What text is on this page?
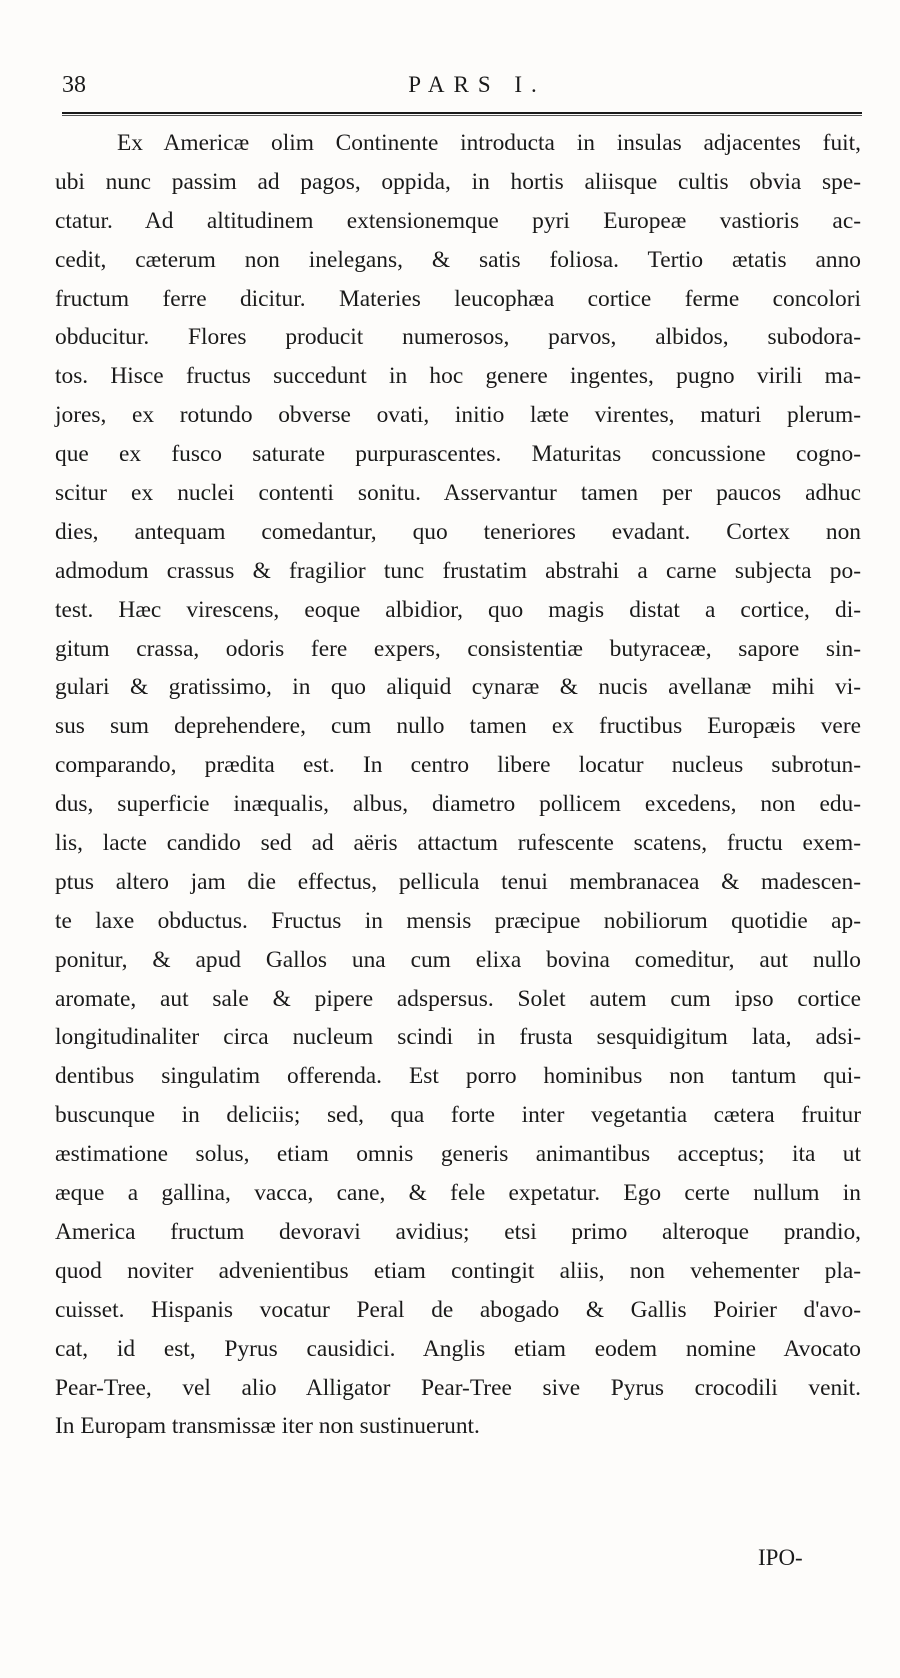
38	PARS I.
Ex Americæ olim Continente introducta in insulas adjacentes fuit,
ubi nunc passim ad pagos, oppida, in hortis aliisque cultis obvia spe-
ctatur. Ad altitudinem extensionemque pyri Europeæ vastioris ac-
cedit, cæterum non inelegans, & satis foliosa. Tertio ætatis anno
fructum ferre dicitur. Materies leucophæa cortice ferme concolori
obducitur. Flores producit numerosos, parvos, albidos, subodora-
tos. Hisce fructus succedunt in hoc genere ingentes, pugno virili ma-
jores, ex rotundo obverse ovati, initio læte virentes, maturi plerum-
que ex fusco saturate purpurascentes. Maturitas concussione cogno-
scitur ex nuclei contenti sonitu. Asservantur tamen per paucos adhuc
dies, antequam comedantur, quo teneriores evadant. Cortex non
admodum crassus & fragilior tunc frustatim abstrahi a carne subjecta po-
test. Hæc virescens, eoque albidior, quo magis distat a cortice, di-
gitum crassa, odoris fere expers, consistentiæ butyraceæ, sapore sin-
gulari & gratissimo, in quo aliquid cynaræ & nucis avellanæ mihi vi-
sus sum deprehendere, cum nullo tamen ex fructibus Europæis vere
comparando, prædita est. In centro libere locatur nucleus subrotun-
dus, superficie inæqualis, albus, diametro pollicem excedens, non edu-
lis, lacte candido sed ad aëris attactum rufescente scatens, fructu exem-
ptus altero jam die effectus, pellicula tenui membranacea & madescen-
te laxe obductus. Fructus in mensis præcipue nobiliorum quotidie ap-
ponitur, & apud Gallos una cum elixa bovina comeditur, aut nullo
aromate, aut sale & pipere adspersus. Solet autem cum ipso cortice
longitudinaliter circa nucleum scindi in frusta sesquidigitum lata, adsi-
dentibus singulatim offerenda. Est porro hominibus non tantum qui-
buscunque in deliciis; sed, qua forte inter vegetantia cætera fruitur
æstimatione solus, etiam omnis generis animantibus acceptus; ita ut
æque a gallina, vacca, cane, & fele expetatur. Ego certe nullum in
America fructum devoravi avidius; etsi primo alteroque prandio,
quod noviter advenientibus etiam contingit aliis, non vehementer pla-
cuisset. Hispanis vocatur Peral de abogado & Gallis Poirier d'avo-
cat, id est, Pyrus causidici. Anglis etiam eodem nomine Avocato
Pear-Tree, vel alio Alligator Pear-Tree sive Pyrus crocodili venit.
In Europam transmissæ iter non sustinuerunt.
IPO-
